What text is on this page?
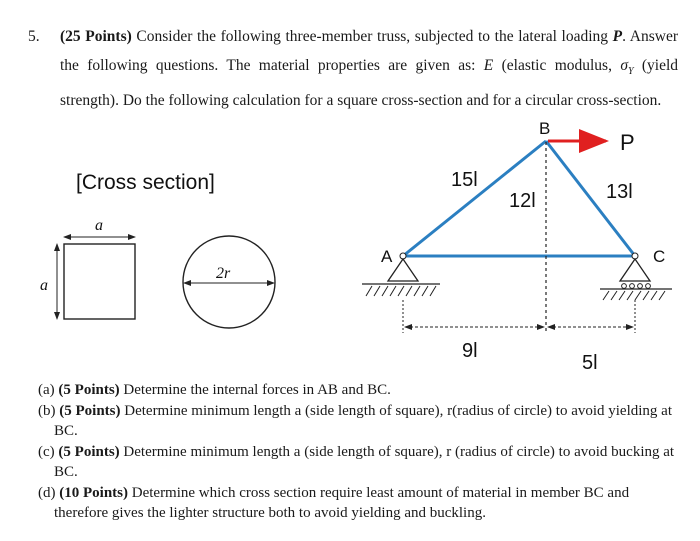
5. (25 Points) Consider the following three-member truss, subjected to the lateral loading P. Answer the following questions. The material properties are given as: E (elastic modulus, $\sigma_Y$ (yield strength). Do the following calculation for a square cross-section and for a circular cross-section.
[Cross section]
a
a
2r
P
B
A	C
15l
12l	13l
9l
5l

(a) (5 Points) Determine the internal forces in AB and BC.

(b) (5 Points) Determine minimum length a (side length of square), r(radius of circle) to avoid yielding at BC.

(c) (5 Points) Determine minimum length a (side length of square), r (radius of circle) to avoid bucking at BC.

(d) (10 Points) Determine which cross section require least amount of material in member BC and therefore gives the lighter structure both to avoid yielding and buckling.
